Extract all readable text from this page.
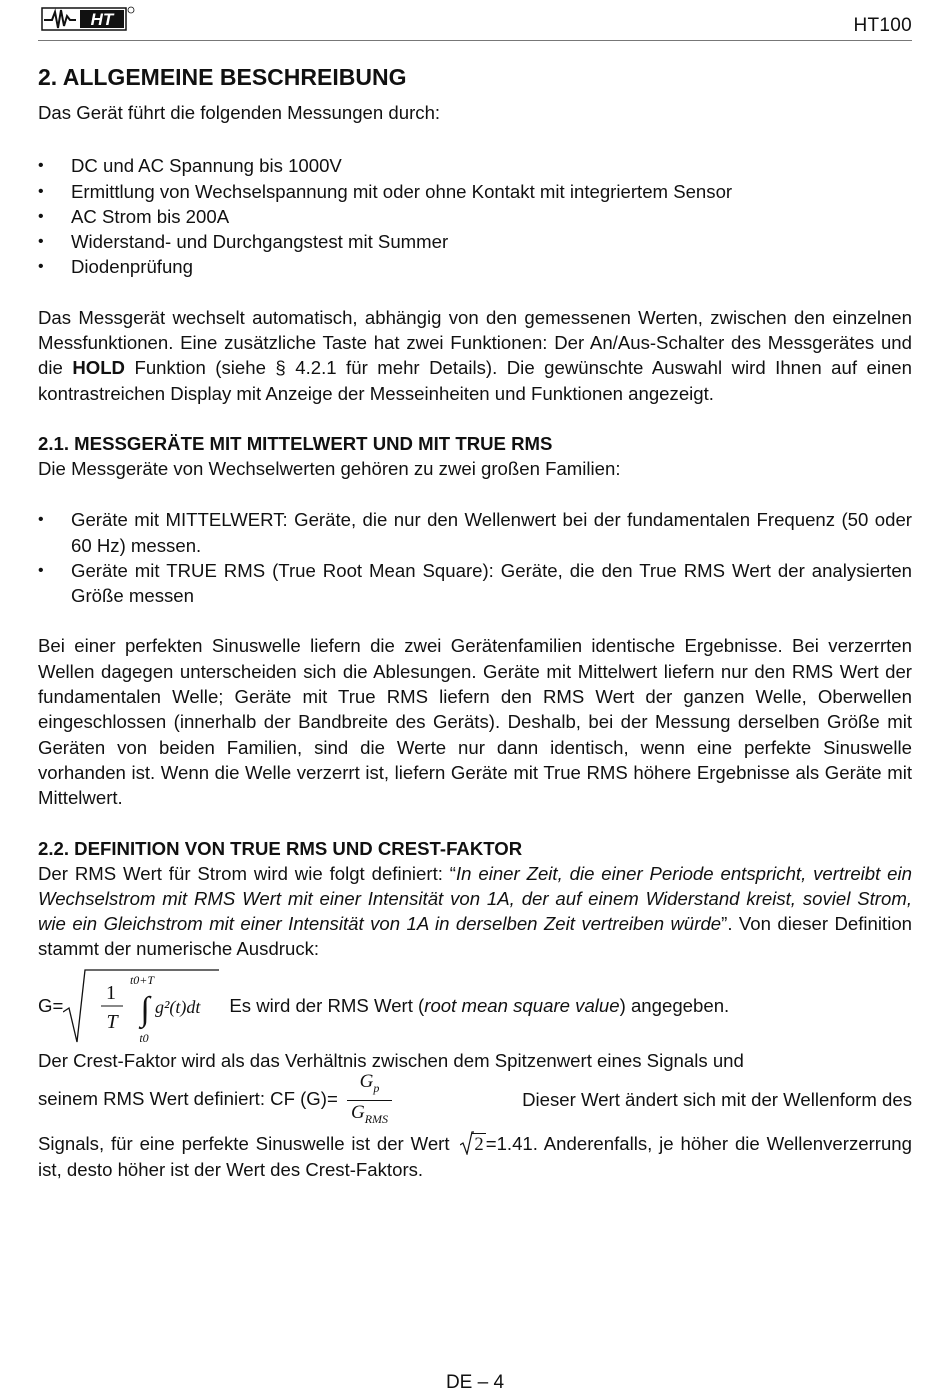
HT	HT100
2. ALLGEMEINE BESCHREIBUNG

Das Gerät führt die folgenden Messungen durch:

• DC und AC Spannung bis 1000V
• Ermittlung von Wechselspannung mit oder ohne Kontakt mit integriertem Sensor
• AC Strom bis 200A
• Widerstand- und Durchgangstest mit Summer
• Diodenprüfung

Das Messgerät wechselt automatisch, abhängig von den gemessenen Werten, zwischen den einzelnen Messfunktionen. Eine zusätzliche Taste hat zwei Funktionen: Der An/Aus-Schalter des Messgerätes und die HOLD Funktion (siehe § 4.2.1 für mehr Details). Die gewünschte Auswahl wird Ihnen auf einen kontrastreichen Display mit Anzeige der Messeinheiten und Funktionen angezeigt.

2.1. MESSGERÄTE MIT MITTELWERT UND MIT TRUE RMS

Die Messgeräte von Wechselwerten gehören zu zwei großen Familien:

• Geräte mit MITTELWERT: Geräte, die nur den Wellenwert bei der fundamentalen Frequenz (50 oder 60 Hz) messen.
• Geräte mit TRUE RMS (True Root Mean Square): Geräte, die den True RMS Wert der analysierten Größe messen

Bei einer perfekten Sinuswelle liefern die zwei Gerätenfamilien identische Ergebnisse. Bei verzerrten Wellen dagegen unterscheiden sich die Ablesungen. Geräte mit Mittelwert liefern nur den RMS Wert der fundamentalen Welle; Geräte mit True RMS liefern den RMS Wert der ganzen Welle, Oberwellen eingeschlossen (innerhalb der Bandbreite des Geräts). Deshalb, bei der Messung derselben Größe mit Geräten von beiden Familien, sind die Werte nur dann identisch, wenn eine perfekte Sinuswelle vorhanden ist. Wenn die Welle verzerrt ist, liefern Geräte mit True RMS höhere Ergebnisse als Geräte mit Mittelwert.

2.2. DEFINITION VON TRUE RMS UND CREST-FAKTOR

Der RMS Wert für Strom wird wie folgt definiert: “In einer Zeit, die einer Periode entspricht, vertreibt ein Wechselstrom mit RMS Wert mit einer Intensität von 1A, der auf einem Widerstand kreist, soviel Strom, wie ein Gleichstrom mit einer Intensität von 1A in derselben Zeit vertreiben würde”. Von dieser Definition stammt der numerische Ausdruck:

G=
1
T
t0+T
∫
t0
g²(t)dt Es wird der RMS Wert (root mean square value) angegeben.

Der Crest-Faktor wird als das Verhältnis zwischen dem Spitzenwert eines Signals und

seinem RMS Wert definiert: CF $(G)= \frac{G_p}{G_{RMS}}$	Dieser Wert ändert sich mit der Wellenform des

Signals, für eine perfekte Sinuswelle ist der Wert 2 =1.41. Anderenfalls, je höher die Wellenverzerrung ist, desto höher ist der Wert des Crest-Faktors.

DE – 4
